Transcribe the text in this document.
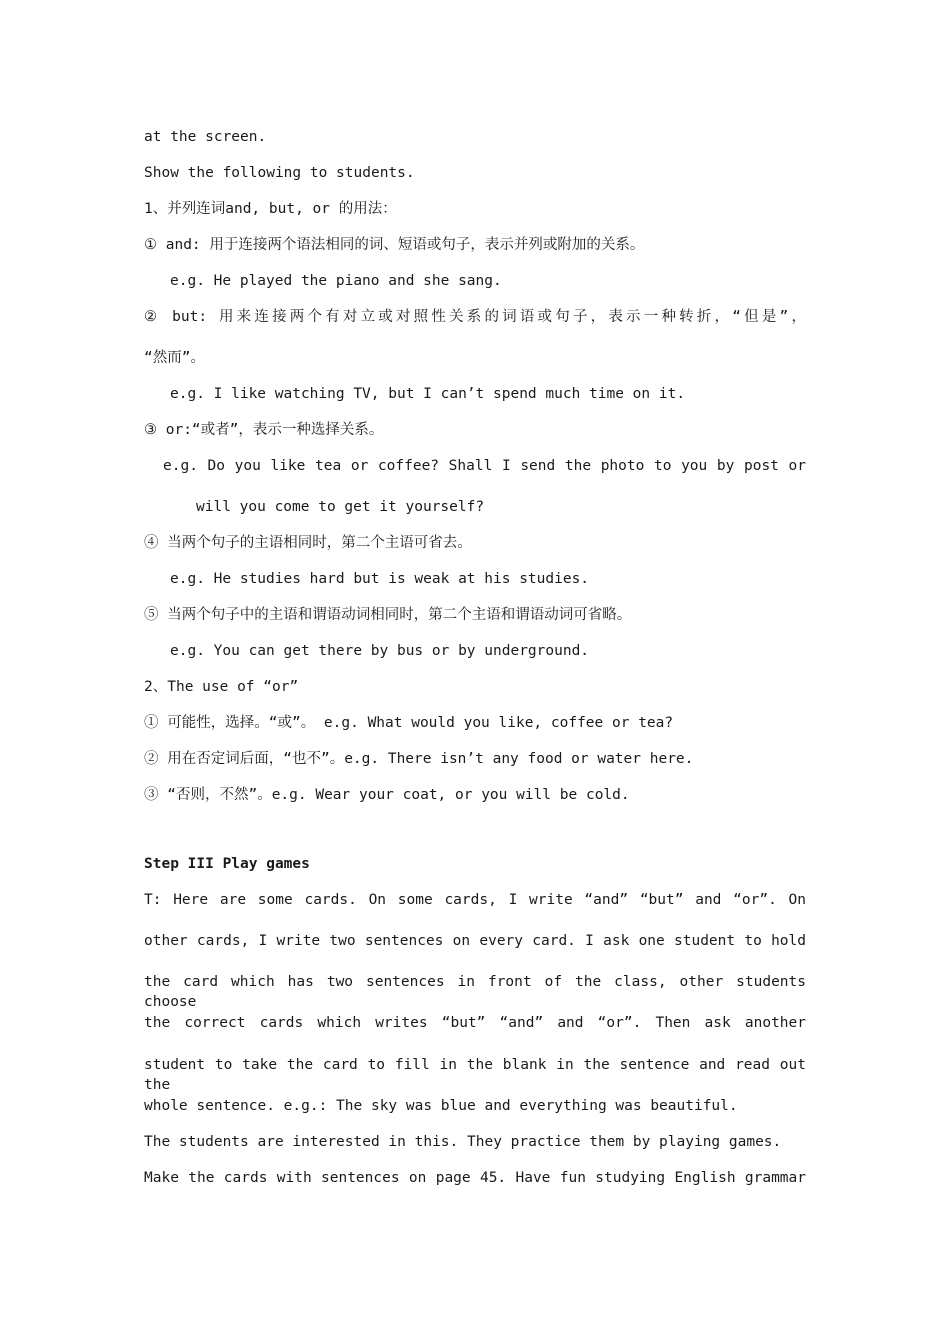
at the screen.
Show the following to students.
1、并列连词and, but, or 的用法：
① and: 用于连接两个语法相同的词、短语或句子，表示并列或附加的关系。
e.g. He played the piano and she sang.
② but: 用来连接两个有对立或对照性关系的词语或句子，表示一种转折，“但是”，
“然而”。
e.g. I like watching TV, but I can’t spend much time on it.
③ or:“或者”，表示一种选择关系。
e.g. Do you like tea or coffee? Shall I send the photo to you by post or
will you come to get it yourself?
④ 当两个句子的主语相同时，第二个主语可省去。
e.g. He studies hard but is weak at his studies.
⑤ 当两个句子中的主语和谓语动词相同时，第二个主语和谓语动词可省略。
e.g. You can get there by bus or by underground.
2、The use of “or”
① 可能性，选择。“或”。 e.g. What would you like, coffee or tea?
② 用在否定词后面，“也不”。e.g. There isn’t any food or water here.
③ “否则，不然”。e.g. Wear your coat, or you will be cold.
Step III Play games
T: Here are some cards. On some cards, I write “and” “but” and “or”. On
other cards, I write two sentences on every card. I ask one student to hold
the card which has two sentences in front of the class, other students choose
the correct cards which writes “but” “and” and “or”. Then ask another
student to take the card to fill in the blank in the sentence and read out the
whole sentence. e.g.: The sky was blue and everything was beautiful.
The students are interested in this. They practice them by playing games.
Make the cards with sentences on page 45. Have fun studying English grammar
